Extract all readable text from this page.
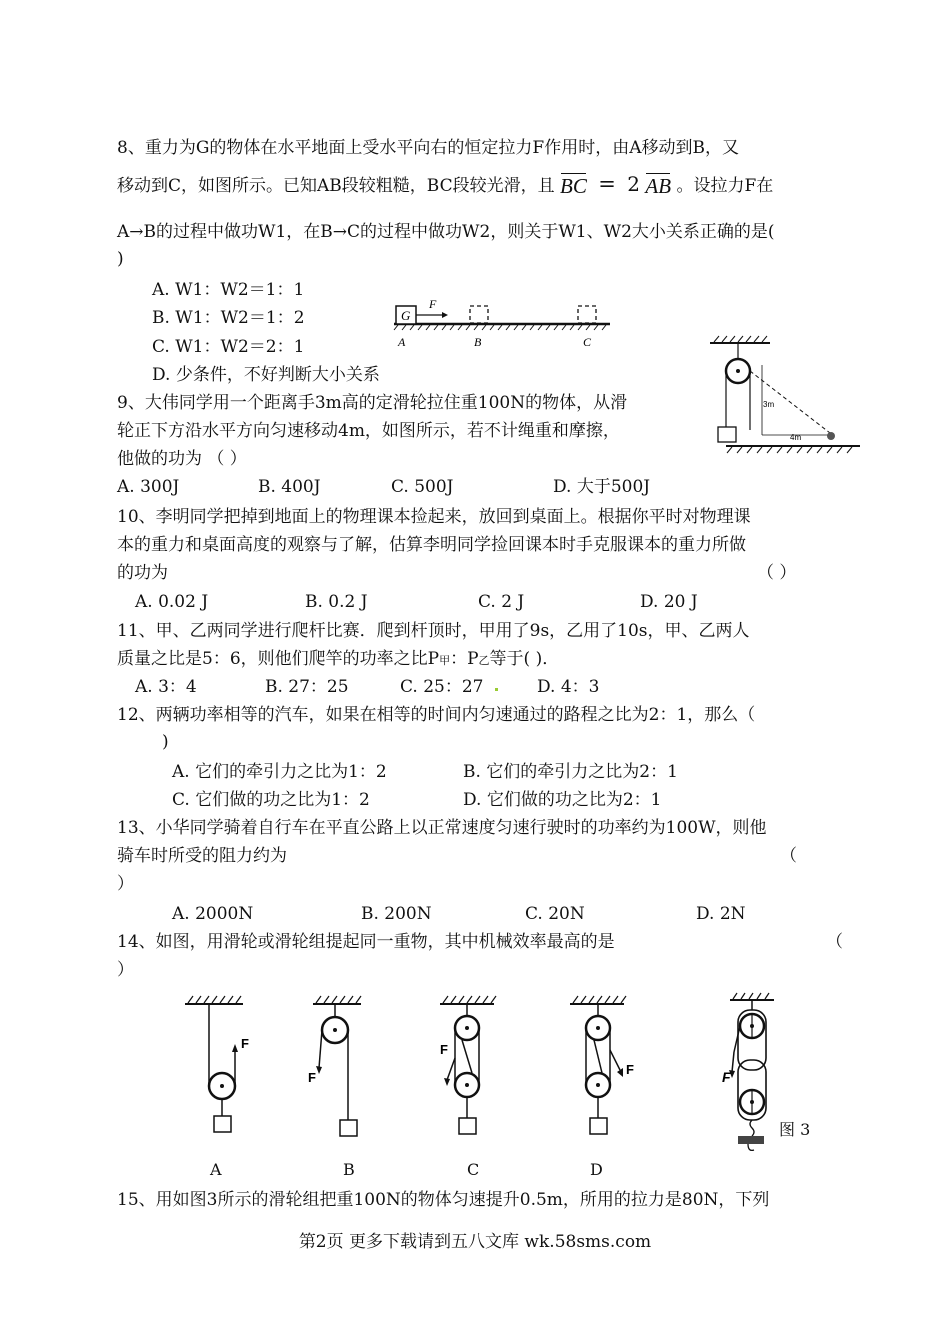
8、重力为G的物体在水平地面上受水平向右的恒定拉力F作用时，由A移动到B，又
移动到C，如图所示。已知AB段较粗糙，BC段较光滑，且 BC = 2 AB 。设拉力F在
A→B的过程中做功W1，在B→C的过程中做功W2，则关于W1、W2大小关系正确的是(
)
A. W1：W2＝1：1
B. W1：W2＝1：2
C. W1：W2＝2：1
D. 少条件，不好判断大小关系
G
F
A	B	C
3m
4m
9、大伟同学用一个距离手3m高的定滑轮拉住重100N的物体，从滑
轮正下方沿水平方向匀速移动4m，如图所示，若不计绳重和摩擦，
他做的功为 （ ）
A. 300J	B. 400J	C. 500J	D. 大于500J
10、李明同学把掉到地面上的物理课本捡起来，放回到桌面上。根据你平时对物理课
本的重力和桌面高度的观察与了解，估算李明同学捡回课本时手克服课本的重力所做
的功为	（ ）
A. 0.02 J	B. 0.2 J	C. 2 J	D. 20 J
11、甲、乙两同学进行爬杆比赛．爬到杆顶时，甲用了9s，乙用了10s，甲、乙两人
质量之比是5：6，则他们爬竿的功率之比P甲：P乙等于( )．
A. 3：4	B. 27：25	C. 25：27	D. 4：3
12、两辆功率相等的汽车，如果在相等的时间内匀速通过的路程之比为2：1，那么（
)
A. 它们的牵引力之比为1：2	B. 它们的牵引力之比为2：1
C. 它们做的功之比为1：2	D. 它们做的功之比为2：1
13、小华同学骑着自行车在平直公路上以正常速度匀速行驶时的功率约为100W，则他
骑车时所受的阻力约为	（
）
A. 2000N	B. 200N	C. 20N	D. 2N
14、如图，用滑轮或滑轮组提起同一重物，其中机械效率最高的是	（
）
F
F
F
F	F
图 3
A	B	C	D
15、用如图3所示的滑轮组把重100N的物体匀速提升0.5m，所用的拉力是80N，下列
第2页 更多下载请到五八文库 wk.58sms.com
